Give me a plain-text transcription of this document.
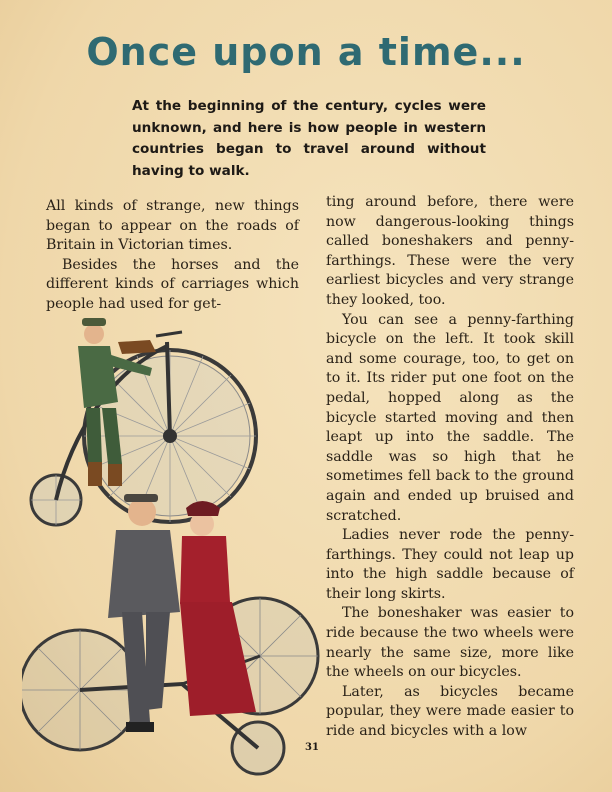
Once upon a time...

At the beginning of the century, cycles were unknown, and here is how people in western countries began to travel around without having to walk.

All kinds of strange, new things began to appear on the roads of Britain in Victorian times.

Besides the horses and the different kinds of carriages which people had used for get-

ting around before, there were now dangerous-looking things called boneshakers and penny-farthings. These were the very earliest bicycles and very strange they looked, too.

You can see a penny-farthing bicycle on the left. It took skill and some courage, too, to get on to it. Its rider put one foot on the pedal, hopped along as the bicycle started moving and then leapt up into the saddle. The saddle was so high that he sometimes fell back to the ground again and ended up bruised and scratched.

Ladies never rode the penny-farthings. They could not leap up into the high saddle because of their long skirts.

The boneshaker was easier to ride because the two wheels were nearly the same size, more like the wheels on our bicycles.

Later, as bicycles became popular, they were made easier to ride and bicycles with a low

31
